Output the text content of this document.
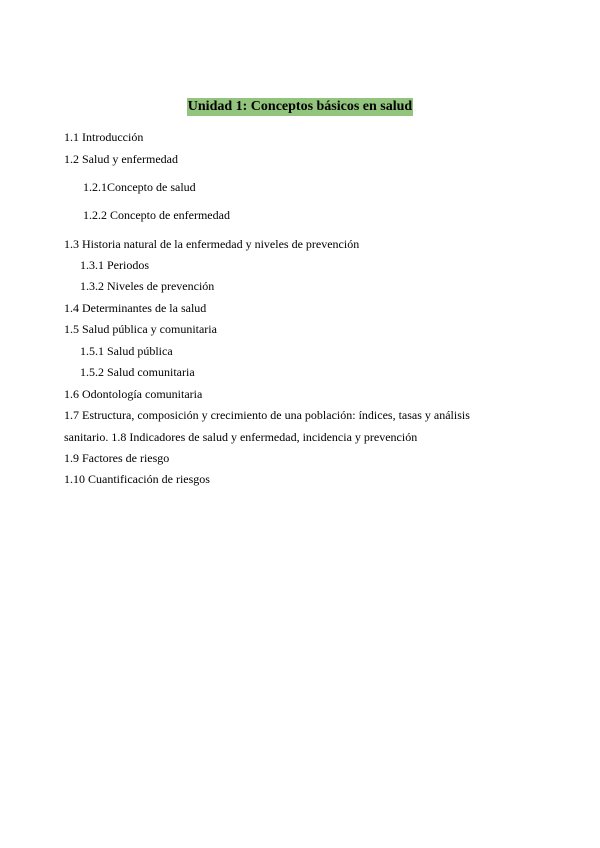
Unidad 1: Conceptos básicos en salud
1.1 Introducción
1.2 Salud y enfermedad
1.2.1Concepto de salud
1.2.2 Concepto de enfermedad
1.3 Historia natural de la enfermedad y niveles de prevención
1.3.1 Periodos
1.3.2 Niveles de prevención
1.4 Determinantes de la salud
1.5 Salud pública y comunitaria
1.5.1 Salud pública
1.5.2 Salud comunitaria
1.6 Odontología comunitaria
1.7 Estructura, composición y crecimiento de una población: índices, tasas y análisis
sanitario. 1.8 Indicadores de salud y enfermedad, incidencia y prevención
1.9 Factores de riesgo
1.10 Cuantificación de riesgos
